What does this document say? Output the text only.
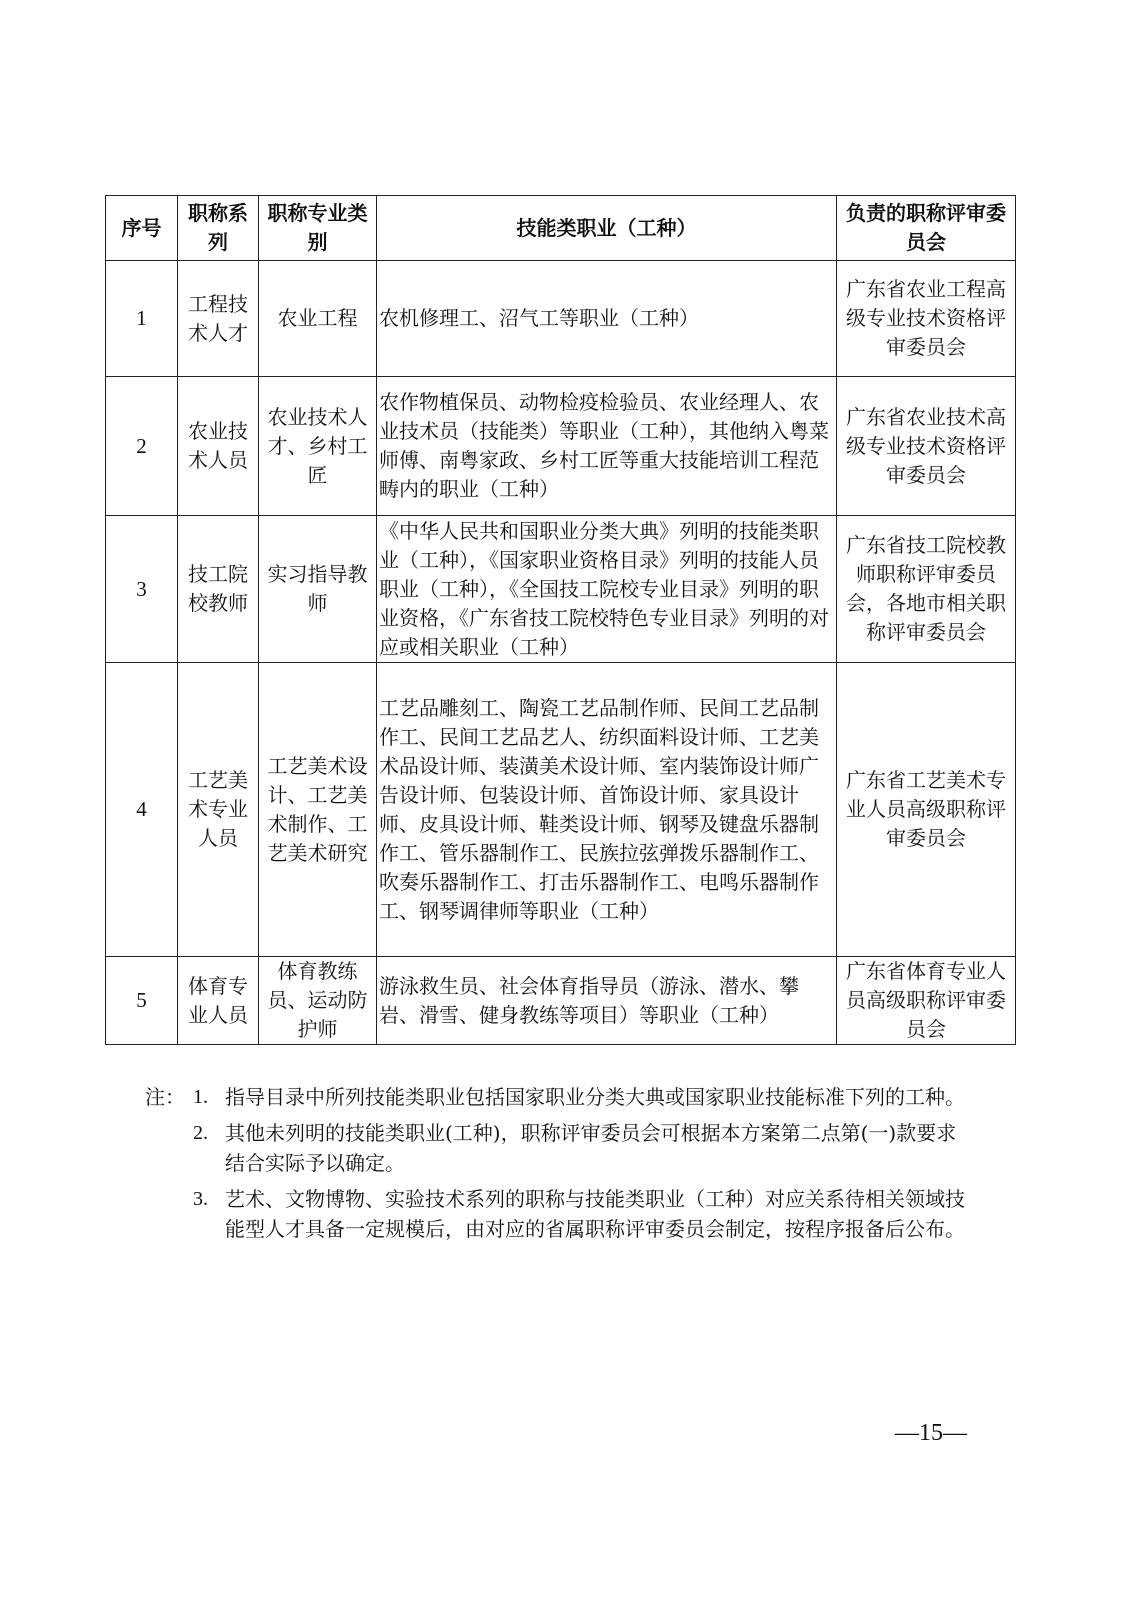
序号	职称系列	职称专业类别	技能类职业（工种）	负责的职称评审委员会
1	工程技术人才	农业工程	农机修理工、沼气工等职业（工种）	广东省农业工程高级专业技术资格评审委员会
2	农业技术人员	农业技术人才、乡村工匠	农作物植保员、动物检疫检验员、农业经理人、农业技术员（技能类）等职业（工种），其他纳入粤菜师傅、南粤家政、乡村工匠等重大技能培训工程范畴内的职业（工种）	广东省农业技术高级专业技术资格评审委员会
3	技工院校教师	实习指导教师	《中华人民共和国职业分类大典》列明的技能类职业（工种），《国家职业资格目录》列明的技能人员职业（工种），《全国技工院校专业目录》列明的职业资格，《广东省技工院校特色专业目录》列明的对应或相关职业（工种）	广东省技工院校教师职称评审委员会，各地市相关职称评审委员会
4	工艺美术专业人员	工艺美术设计、工艺美术制作、工艺美术研究	工艺品雕刻工、陶瓷工艺品制作师、民间工艺品制作工、民间工艺品艺人、纺织面料设计师、工艺美术品设计师、装潢美术设计师、室内装饰设计师广告设计师、包装设计师、首饰设计师、家具设计师、皮具设计师、鞋类设计师、钢琴及键盘乐器制作工、管乐器制作工、民族拉弦弹拨乐器制作工、吹奏乐器制作工、打击乐器制作工、电鸣乐器制作工、钢琴调律师等职业（工种）	广东省工艺美术专业人员高级职称评审委员会
5	体育专业人员	体育教练员、运动防护师	游泳救生员、社会体育指导员（游泳、潜水、攀岩、滑雪、健身教练等项目）等职业（工种）	广东省体育专业人员高级职称评审委员会
注： 1. 指导目录中所列技能类职业包括国家职业分类大典或国家职业技能标准下列的工种。
2. 其他未列明的技能类职业(工种)，职称评审委员会可根据本方案第二点第(一)款要求结合实际予以确定。
3. 艺术、文物博物、实验技术系列的职称与技能类职业（工种）对应关系待相关领域技能型人才具备一定规模后，由对应的省属职称评审委员会制定，按程序报备后公布。
—15—
